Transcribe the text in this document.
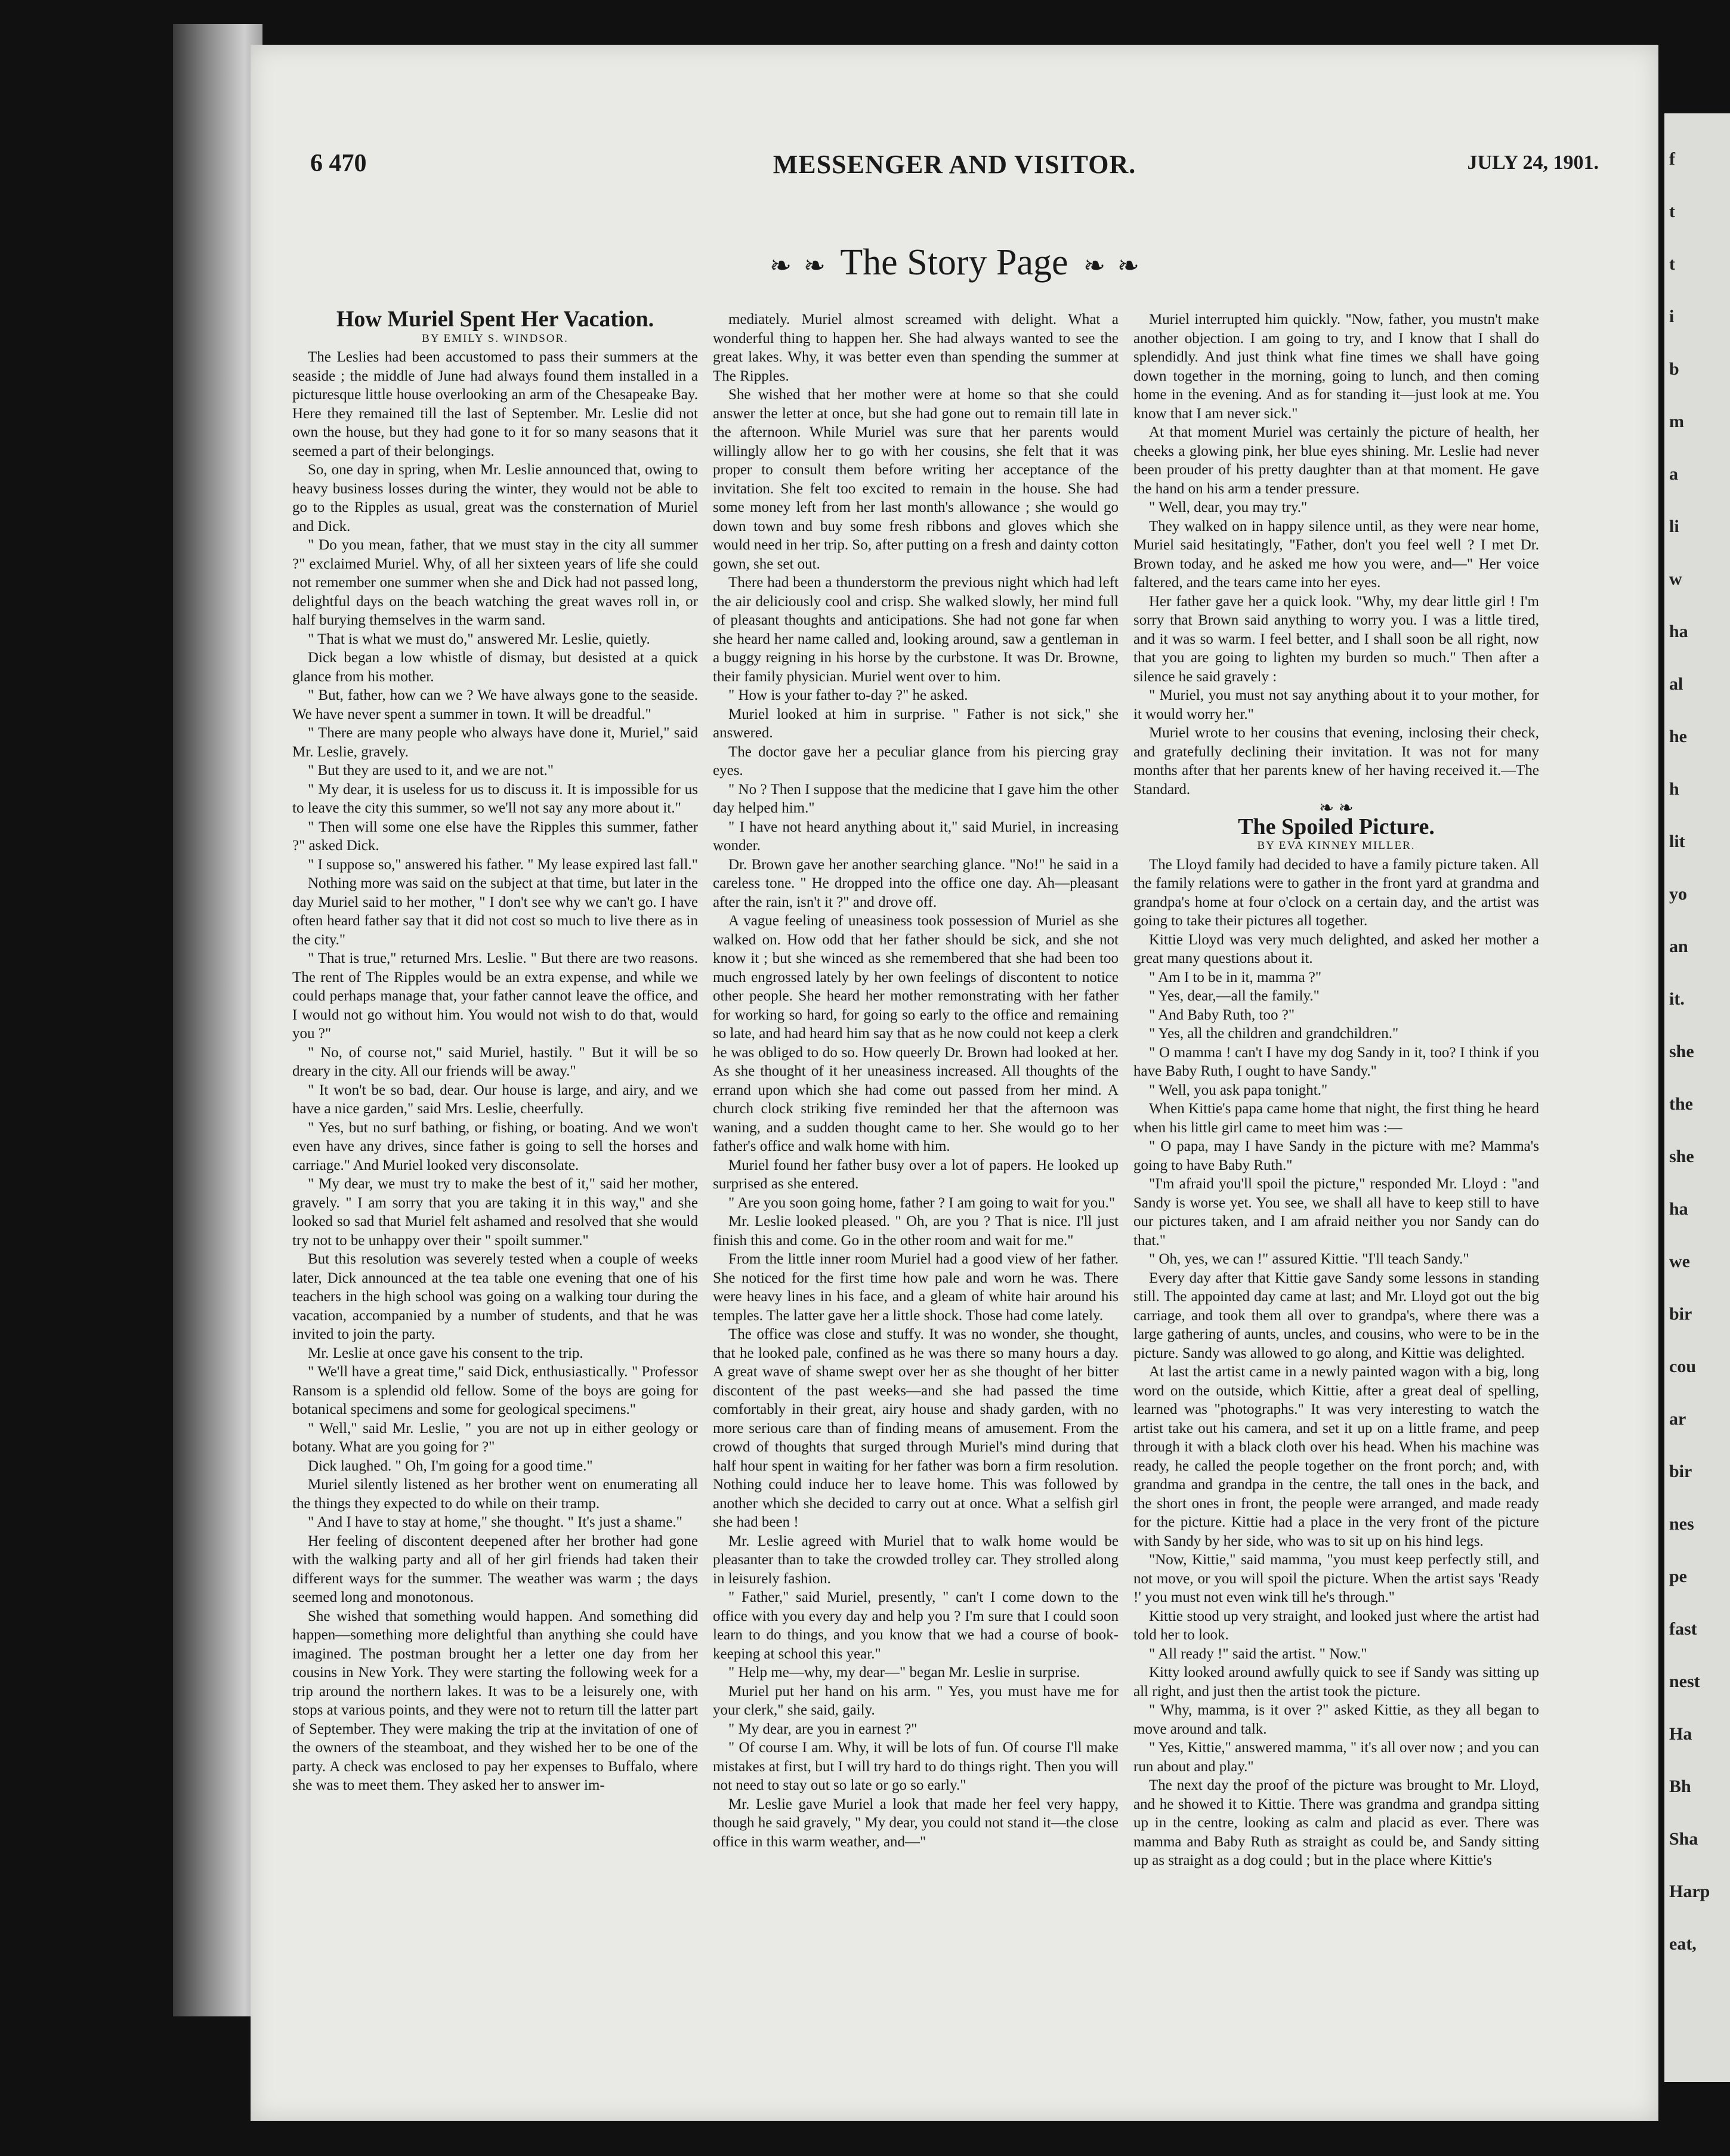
f
t
t
i
b
m
a
li
w
ha
al
he
h
lit
yo
an
it.
she
the
she
ha
we
bir
cou
ar
bir
nes
pe
fast
nest
Ha
Bh
Sha
Harp
eat,
6 470	MESSENGER AND VISITOR.	JULY 24, 1901.
❧ ❧ The Story Page ❧ ❧

How Muriel Spent Her Vacation.

BY EMILY S. WINDSOR.

The Leslies had been accustomed to pass their summers at the seaside ; the middle of June had always found them installed in a picturesque little house overlooking an arm of the Chesapeake Bay. Here they remained till the last of September. Mr. Leslie did not own the house, but they had gone to it for so many seasons that it seemed a part of their belongings.

So, one day in spring, when Mr. Leslie announced that, owing to heavy business losses during the winter, they would not be able to go to the Ripples as usual, great was the consternation of Muriel and Dick.

" Do you mean, father, that we must stay in the city all summer ?" exclaimed Muriel. Why, of all her sixteen years of life she could not remember one summer when she and Dick had not passed long, delightful days on the beach watching the great waves roll in, or half burying themselves in the warm sand.

" That is what we must do," answered Mr. Leslie, quietly.

Dick began a low whistle of dismay, but desisted at a quick glance from his mother.

" But, father, how can we ? We have always gone to the seaside. We have never spent a summer in town. It will be dreadful."

" There are many people who always have done it, Muriel," said Mr. Leslie, gravely.

" But they are used to it, and we are not."

" My dear, it is useless for us to discuss it. It is impossible for us to leave the city this summer, so we'll not say any more about it."

" Then will some one else have the Ripples this summer, father ?" asked Dick.

" I suppose so," answered his father. " My lease expired last fall."

Nothing more was said on the subject at that time, but later in the day Muriel said to her mother, " I don't see why we can't go. I have often heard father say that it did not cost so much to live there as in the city."

" That is true," returned Mrs. Leslie. " But there are two reasons. The rent of The Ripples would be an extra expense, and while we could perhaps manage that, your father cannot leave the office, and I would not go without him. You would not wish to do that, would you ?"

" No, of course not," said Muriel, hastily. " But it will be so dreary in the city. All our friends will be away."

" It won't be so bad, dear. Our house is large, and airy, and we have a nice garden," said Mrs. Leslie, cheerfully.

" Yes, but no surf bathing, or fishing, or boating. And we won't even have any drives, since father is going to sell the horses and carriage." And Muriel looked very disconsolate.

" My dear, we must try to make the best of it," said her mother, gravely. " I am sorry that you are taking it in this way," and she looked so sad that Muriel felt ashamed and resolved that she would try not to be unhappy over their " spoilt summer."

But this resolution was severely tested when a couple of weeks later, Dick announced at the tea table one evening that one of his teachers in the high school was going on a walking tour during the vacation, accompanied by a number of students, and that he was invited to join the party.

Mr. Leslie at once gave his consent to the trip.

" We'll have a great time," said Dick, enthusiastically. " Professor Ransom is a splendid old fellow. Some of the boys are going for botanical specimens and some for geological specimens."

" Well," said Mr. Leslie, " you are not up in either geology or botany. What are you going for ?"

Dick laughed. " Oh, I'm going for a good time."

Muriel silently listened as her brother went on enumerating all the things they expected to do while on their tramp.

" And I have to stay at home," she thought. " It's just a shame."

Her feeling of discontent deepened after her brother had gone with the walking party and all of her girl friends had taken their different ways for the summer. The weather was warm ; the days seemed long and monotonous.

She wished that something would happen. And something did happen—something more delightful than anything she could have imagined. The postman brought her a letter one day from her cousins in New York. They were starting the following week for a trip around the northern lakes. It was to be a leisurely one, with stops at various points, and they were not to return till the latter part of September. They were making the trip at the invitation of one of the owners of the steamboat, and they wished her to be one of the party. A check was enclosed to pay her expenses to Buffalo, where she was to meet them. They asked her to answer im-

mediately. Muriel almost screamed with delight. What a wonderful thing to happen her. She had always wanted to see the great lakes. Why, it was better even than spending the summer at The Ripples.

She wished that her mother were at home so that she could answer the letter at once, but she had gone out to remain till late in the afternoon. While Muriel was sure that her parents would willingly allow her to go with her cousins, she felt that it was proper to consult them before writing her acceptance of the invitation. She felt too excited to remain in the house. She had some money left from her last month's allowance ; she would go down town and buy some fresh ribbons and gloves which she would need in her trip. So, after putting on a fresh and dainty cotton gown, she set out.

There had been a thunderstorm the previous night which had left the air deliciously cool and crisp. She walked slowly, her mind full of pleasant thoughts and anticipations. She had not gone far when she heard her name called and, looking around, saw a gentleman in a buggy reigning in his horse by the curbstone. It was Dr. Browne, their family physician. Muriel went over to him.

" How is your father to-day ?" he asked.

Muriel looked at him in surprise. " Father is not sick," she answered.

The doctor gave her a peculiar glance from his piercing gray eyes.

" No ? Then I suppose that the medicine that I gave him the other day helped him."

" I have not heard anything about it," said Muriel, in increasing wonder.

Dr. Brown gave her another searching glance. "No!" he said in a careless tone. " He dropped into the office one day. Ah—pleasant after the rain, isn't it ?" and drove off.

A vague feeling of uneasiness took possession of Muriel as she walked on. How odd that her father should be sick, and she not know it ; but she winced as she remembered that she had been too much engrossed lately by her own feelings of discontent to notice other people. She heard her mother remonstrating with her father for working so hard, for going so early to the office and remaining so late, and had heard him say that as he now could not keep a clerk he was obliged to do so. How queerly Dr. Brown had looked at her. As she thought of it her uneasiness increased. All thoughts of the errand upon which she had come out passed from her mind. A church clock striking five reminded her that the afternoon was waning, and a sudden thought came to her. She would go to her father's office and walk home with him.

Muriel found her father busy over a lot of papers. He looked up surprised as she entered.

" Are you soon going home, father ? I am going to wait for you."

Mr. Leslie looked pleased. " Oh, are you ? That is nice. I'll just finish this and come. Go in the other room and wait for me."

From the little inner room Muriel had a good view of her father. She noticed for the first time how pale and worn he was. There were heavy lines in his face, and a gleam of white hair around his temples. The latter gave her a little shock. Those had come lately.

The office was close and stuffy. It was no wonder, she thought, that he looked pale, confined as he was there so many hours a day. A great wave of shame swept over her as she thought of her bitter discontent of the past weeks—and she had passed the time comfortably in their great, airy house and shady garden, with no more serious care than of finding means of amusement. From the crowd of thoughts that surged through Muriel's mind during that half hour spent in waiting for her father was born a firm resolution. Nothing could induce her to leave home. This was followed by another which she decided to carry out at once. What a selfish girl she had been !

Mr. Leslie agreed with Muriel that to walk home would be pleasanter than to take the crowded trolley car. They strolled along in leisurely fashion.

" Father," said Muriel, presently, " can't I come down to the office with you every day and help you ? I'm sure that I could soon learn to do things, and you know that we had a course of book-keeping at school this year."

" Help me—why, my dear—" began Mr. Leslie in surprise.

Muriel put her hand on his arm. " Yes, you must have me for your clerk," she said, gaily.

" My dear, are you in earnest ?"

" Of course I am. Why, it will be lots of fun. Of course I'll make mistakes at first, but I will try hard to do things right. Then you will not need to stay out so late or go so early."

Mr. Leslie gave Muriel a look that made her feel very happy, though he said gravely, " My dear, you could not stand it—the close office in this warm weather, and—"

Muriel interrupted him quickly. "Now, father, you mustn't make another objection. I am going to try, and I know that I shall do splendidly. And just think what fine times we shall have going down together in the morning, going to lunch, and then coming home in the evening. And as for standing it—just look at me. You know that I am never sick."

At that moment Muriel was certainly the picture of health, her cheeks a glowing pink, her blue eyes shining. Mr. Leslie had never been prouder of his pretty daughter than at that moment. He gave the hand on his arm a tender pressure.

" Well, dear, you may try."

They walked on in happy silence until, as they were near home, Muriel said hesitatingly, "Father, don't you feel well ? I met Dr. Brown today, and he asked me how you were, and—" Her voice faltered, and the tears came into her eyes.

Her father gave her a quick look. "Why, my dear little girl ! I'm sorry that Brown said anything to worry you. I was a little tired, and it was so warm. I feel better, and I shall soon be all right, now that you are going to lighten my burden so much." Then after a silence he said gravely :

" Muriel, you must not say anything about it to your mother, for it would worry her."

Muriel wrote to her cousins that evening, inclosing their check, and gratefully declining their invitation. It was not for many months after that her parents knew of her having received it.—The Standard.

❧ ❧

The Spoiled Picture.

BY EVA KINNEY MILLER.

The Lloyd family had decided to have a family picture taken. All the family relations were to gather in the front yard at grandma and grandpa's home at four o'clock on a certain day, and the artist was going to take their pictures all together.

Kittie Lloyd was very much delighted, and asked her mother a great many questions about it.

" Am I to be in it, mamma ?"

" Yes, dear,—all the family."

" And Baby Ruth, too ?"

" Yes, all the children and grandchildren."

" O mamma ! can't I have my dog Sandy in it, too? I think if you have Baby Ruth, I ought to have Sandy."

" Well, you ask papa tonight."

When Kittie's papa came home that night, the first thing he heard when his little girl came to meet him was :—

" O papa, may I have Sandy in the picture with me? Mamma's going to have Baby Ruth."

"I'm afraid you'll spoil the picture," responded Mr. Lloyd : "and Sandy is worse yet. You see, we shall all have to keep still to have our pictures taken, and I am afraid neither you nor Sandy can do that."

" Oh, yes, we can !" assured Kittie. "I'll teach Sandy."

Every day after that Kittie gave Sandy some lessons in standing still. The appointed day came at last; and Mr. Lloyd got out the big carriage, and took them all over to grandpa's, where there was a large gathering of aunts, uncles, and cousins, who were to be in the picture. Sandy was allowed to go along, and Kittie was delighted.

At last the artist came in a newly painted wagon with a big, long word on the outside, which Kittie, after a great deal of spelling, learned was "photographs." It was very interesting to watch the artist take out his camera, and set it up on a little frame, and peep through it with a black cloth over his head. When his machine was ready, he called the people together on the front porch; and, with grandma and grandpa in the centre, the tall ones in the back, and the short ones in front, the people were arranged, and made ready for the picture. Kittie had a place in the very front of the picture with Sandy by her side, who was to sit up on his hind legs.

"Now, Kittie," said mamma, "you must keep perfectly still, and not move, or you will spoil the picture. When the artist says 'Ready !' you must not even wink till he's through."

Kittie stood up very straight, and looked just where the artist had told her to look.

" All ready !" said the artist. " Now."

Kitty looked around awfully quick to see if Sandy was sitting up all right, and just then the artist took the picture.

" Why, mamma, is it over ?" asked Kittie, as they all began to move around and talk.

" Yes, Kittie," answered mamma, " it's all over now ; and you can run about and play."

The next day the proof of the picture was brought to Mr. Lloyd, and he showed it to Kittie. There was grandma and grandpa sitting up in the centre, looking as calm and placid as ever. There was mamma and Baby Ruth as straight as could be, and Sandy sitting up as straight as a dog could ; but in the place where Kittie's
